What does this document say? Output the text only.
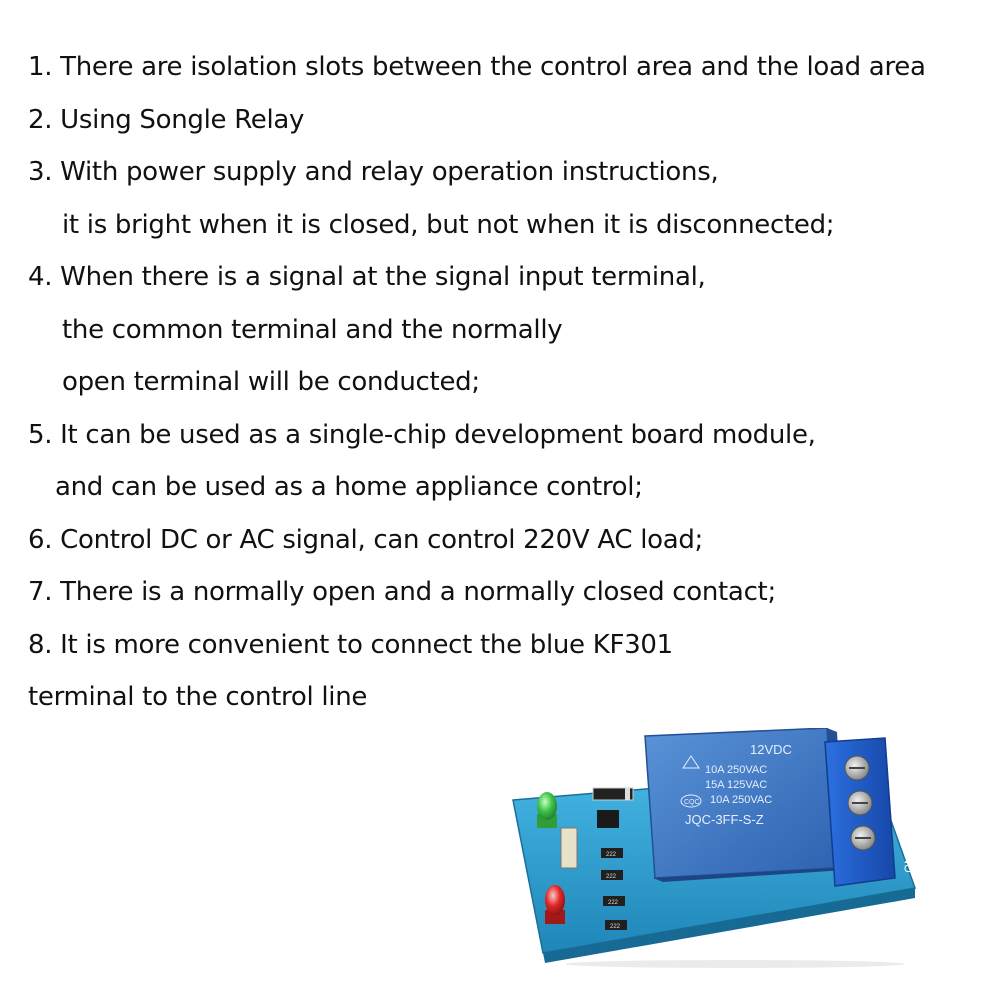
1. There are isolation slots between the control area and the load area
2. Using Songle Relay
3. With power supply and relay operation instructions,
it is bright when it is closed, but not when it is disconnected;
4. When there is a signal at the signal input terminal,
the common terminal and the normally
open terminal will be conducted;
5. It can be used as a single-chip development board module,
and can be used as a home appliance control;
6. Control DC or AC signal, can control 220V AC load;
7. There is a normally open and a normally closed contact;
8. It is more convenient to connect the blue KF301
terminal to the control line
12VDC
10A 250VAC
15A 125VAC
10A 250VAC
JQC-3FF-S-Z
CQC
NC
COM
NO
222
222
222
222
